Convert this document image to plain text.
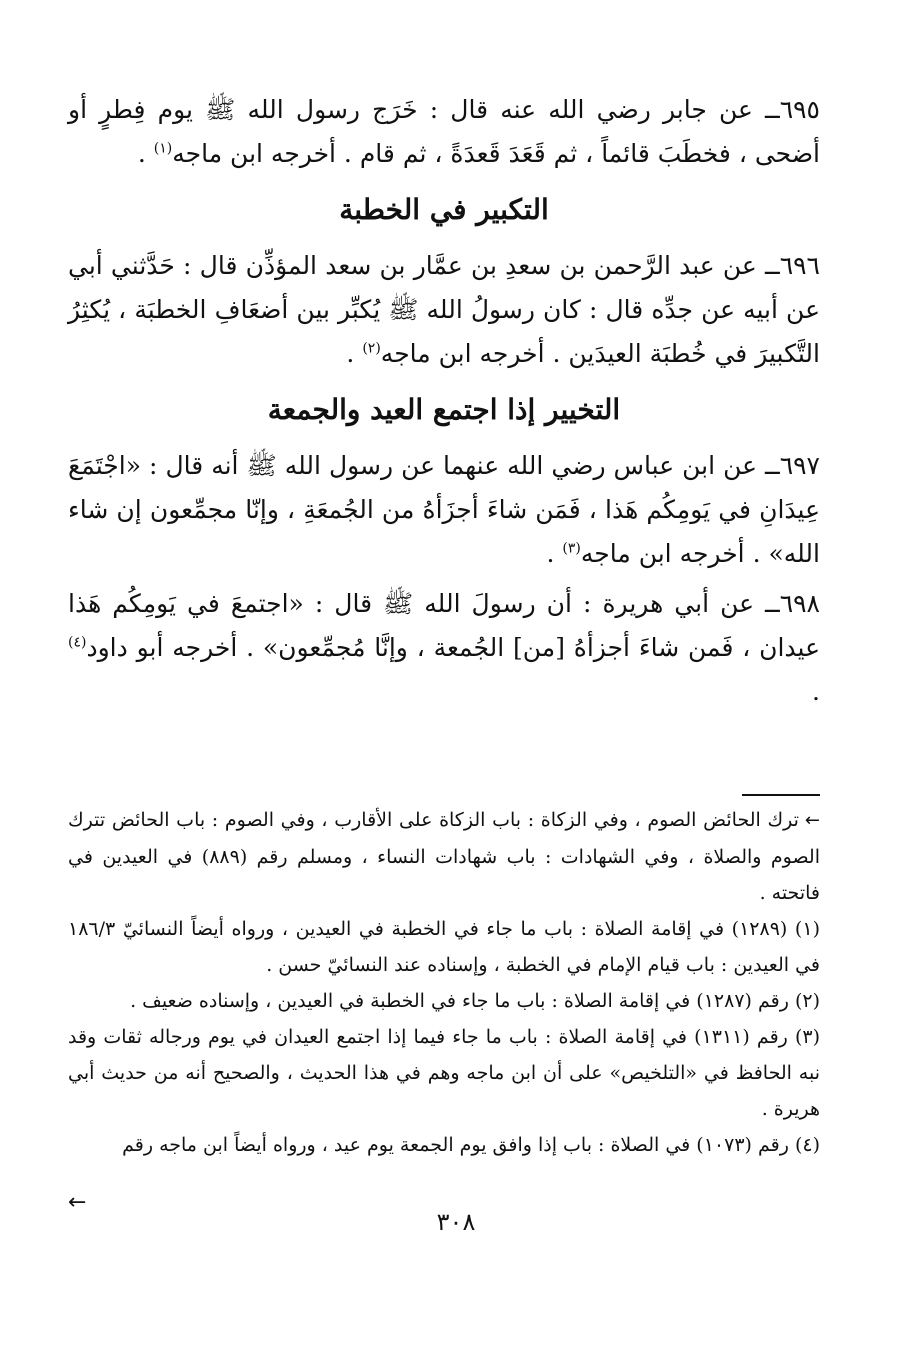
٦٩٥ــ عن جابر رضي الله عنه قال : خَرَج رسول الله ﷺ يوم فِطرٍ أو أضحى ، فخطَبَ قائماً ، ثم قَعَدَ قَعدَةً ، ثم قام . أخرجه ابن ماجه$^{(١)}$ .

التكبير في الخطبة

٦٩٦ــ عن عبد الرَّحمن بن سعدِ بن عمَّار بن سعد المؤذِّن قال : حَدَّثني أبي عن أبيه عن جدِّه قال : كان رسولُ الله ﷺ يُكبِّر بين أضعَافِ الخطبَة ، يُكثِرُ التَّكبيرَ في خُطبَة العيدَين . أخرجه ابن ماجه$^{(٢)}$ .

التخيير إذا اجتمع العيد والجمعة

٦٩٧ــ عن ابن عباس رضي الله عنهما عن رسول الله ﷺ أنه قال : «اجْتَمَعَ عِيدَانِ في يَومِكُم هَذا ، فَمَن شاءَ أجزَأهُ من الجُمعَةِ ، وإنّا مجمِّعون إن شاء الله» . أخرجه ابن ماجه$^{(٣)}$ .

٦٩٨ــ عن أبي هريرة : أن رسولَ الله ﷺ قال : «اجتمعَ في يَومِكُم هَذا عيدان ، فَمن شاءَ أجزأهُ [من] الجُمعة ، وإنَّا مُجمِّعون» . أخرجه أبو داود$^{(٤)}$ .

←ترك الحائض الصوم ، وفي الزكاة : باب الزكاة على الأقارب ، وفي الصوم : باب الحائض تترك الصوم والصلاة ، وفي الشهادات : باب شهادات النساء ، ومسلم رقم (٨٨٩) في العيدين في فاتحته .

(١) (١٢٨٩) في إقامة الصلاة : باب ما جاء في الخطبة في العيدين ، ورواه أيضاً النسائيّ ١٨٦/٣ في العيدين : باب قيام الإمام في الخطبة ، وإسناده عند النسائيّ حسن .

(٢) رقم (١٢٨٧) في إقامة الصلاة : باب ما جاء في الخطبة في العيدين ، وإسناده ضعيف .

(٣) رقم (١٣١١) في إقامة الصلاة : باب ما جاء فيما إذا اجتمع العيدان في يوم ورجاله ثقات وقد نبه الحافظ في «التلخيص» على أن ابن ماجه وهم في هذا الحديث ، والصحيح أنه من حديث أبي هريرة .

(٤) رقم (١٠٧٣) في الصلاة : باب إذا وافق يوم الجمعة يوم عيد ، ورواه أيضاً ابن ماجه رقم

←
٣٠٨
